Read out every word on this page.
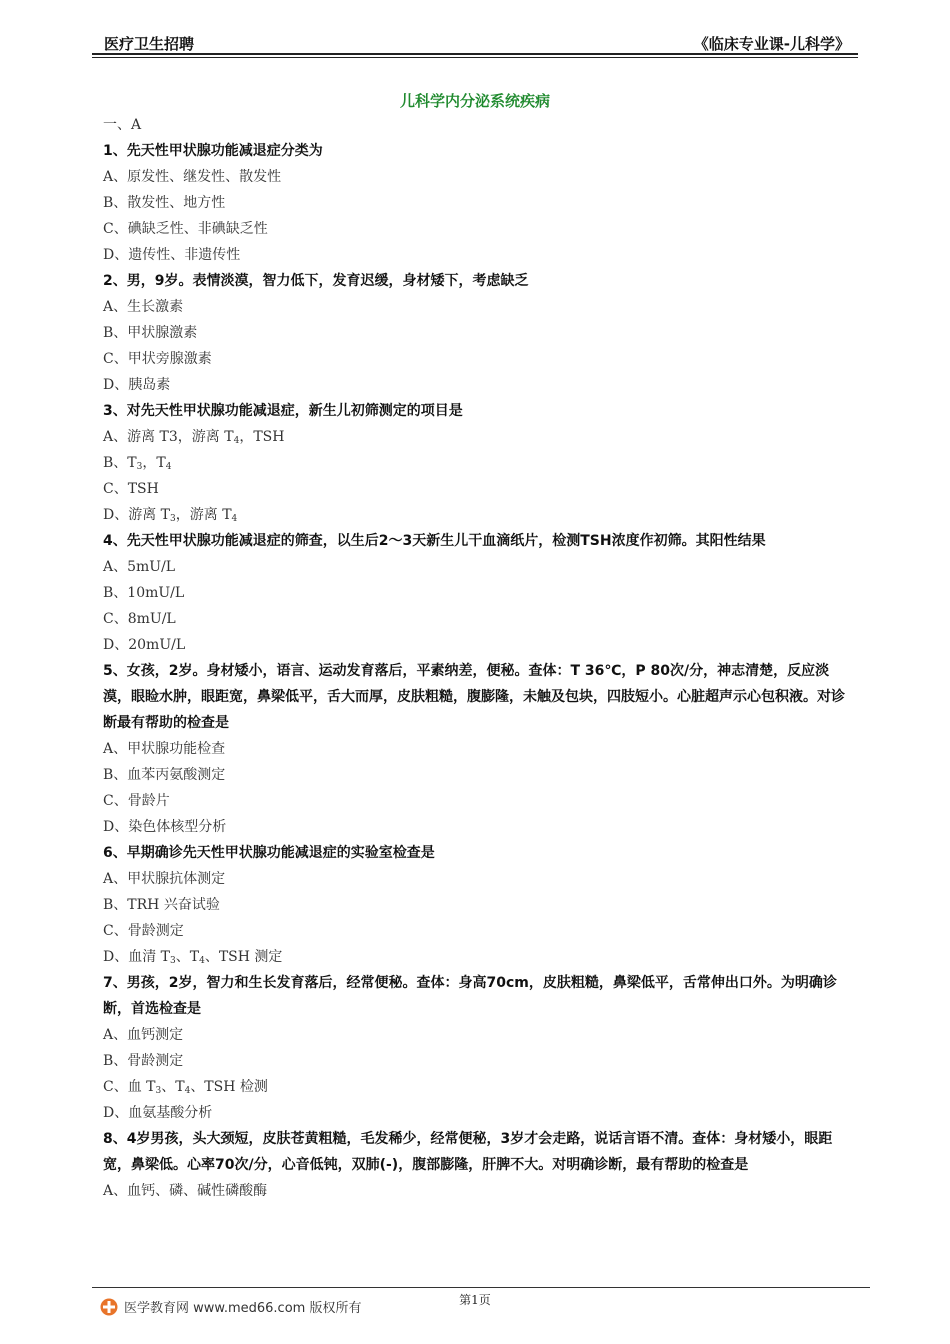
医疗卫生招聘	《临床专业课-儿科学》
儿科学内分泌系统疾病
一、A
1、先天性甲状腺功能减退症分类为
A、原发性、继发性、散发性
B、散发性、地方性
C、碘缺乏性、非碘缺乏性
D、遗传性、非遗传性
2、男，9岁。表情淡漠，智力低下，发育迟缓，身材矮下，考虑缺乏
A、生长激素
B、甲状腺激素
C、甲状旁腺激素
D、胰岛素
3、对先天性甲状腺功能减退症，新生儿初筛测定的项目是
A、游离 T3，游离 $T_4$，TSH
B、$T_3$，$T_4$
C、TSH
D、游离 $T_3$，游离 $T_4$
4、先天性甲状腺功能减退症的筛查，以生后2～3天新生儿干血滴纸片，检测TSH浓度作初筛。其阳性结果
A、5mU/L
B、10mU/L
C、8mU/L
D、20mU/L
5、女孩，2岁。身材矮小，语言、运动发育落后，平素纳差，便秘。查体：T 36℃，P 80次/分，神志清楚，反应淡漠，眼睑水肿，眼距宽，鼻梁低平，舌大而厚，皮肤粗糙，腹膨隆，未触及包块，四肢短小。心脏超声示心包积液。对诊断最有帮助的检查是
A、甲状腺功能检查
B、血苯丙氨酸测定
C、骨龄片
D、染色体核型分析
6、早期确诊先天性甲状腺功能减退症的实验室检查是
A、甲状腺抗体测定
B、TRH 兴奋试验
C、骨龄测定
D、血清 $T_3$、$T_4$、TSH 测定
7、男孩，2岁，智力和生长发育落后，经常便秘。查体：身高70cm，皮肤粗糙，鼻梁低平，舌常伸出口外。为明确诊断，首选检查是
A、血钙测定
B、骨龄测定
C、血 $T_3$、$T_4$、TSH 检测
D、血氨基酸分析
8、4岁男孩，头大颈短，皮肤苍黄粗糙，毛发稀少，经常便秘，3岁才会走路，说话言语不清。查体：身材矮小，眼距宽，鼻梁低。心率70次/分，心音低钝，双肺(-)，腹部膨隆，肝脾不大。对明确诊断，最有帮助的检查是
A、血钙、磷、碱性磷酸酶
第1页
医学教育网 www.med66.com 版权所有
